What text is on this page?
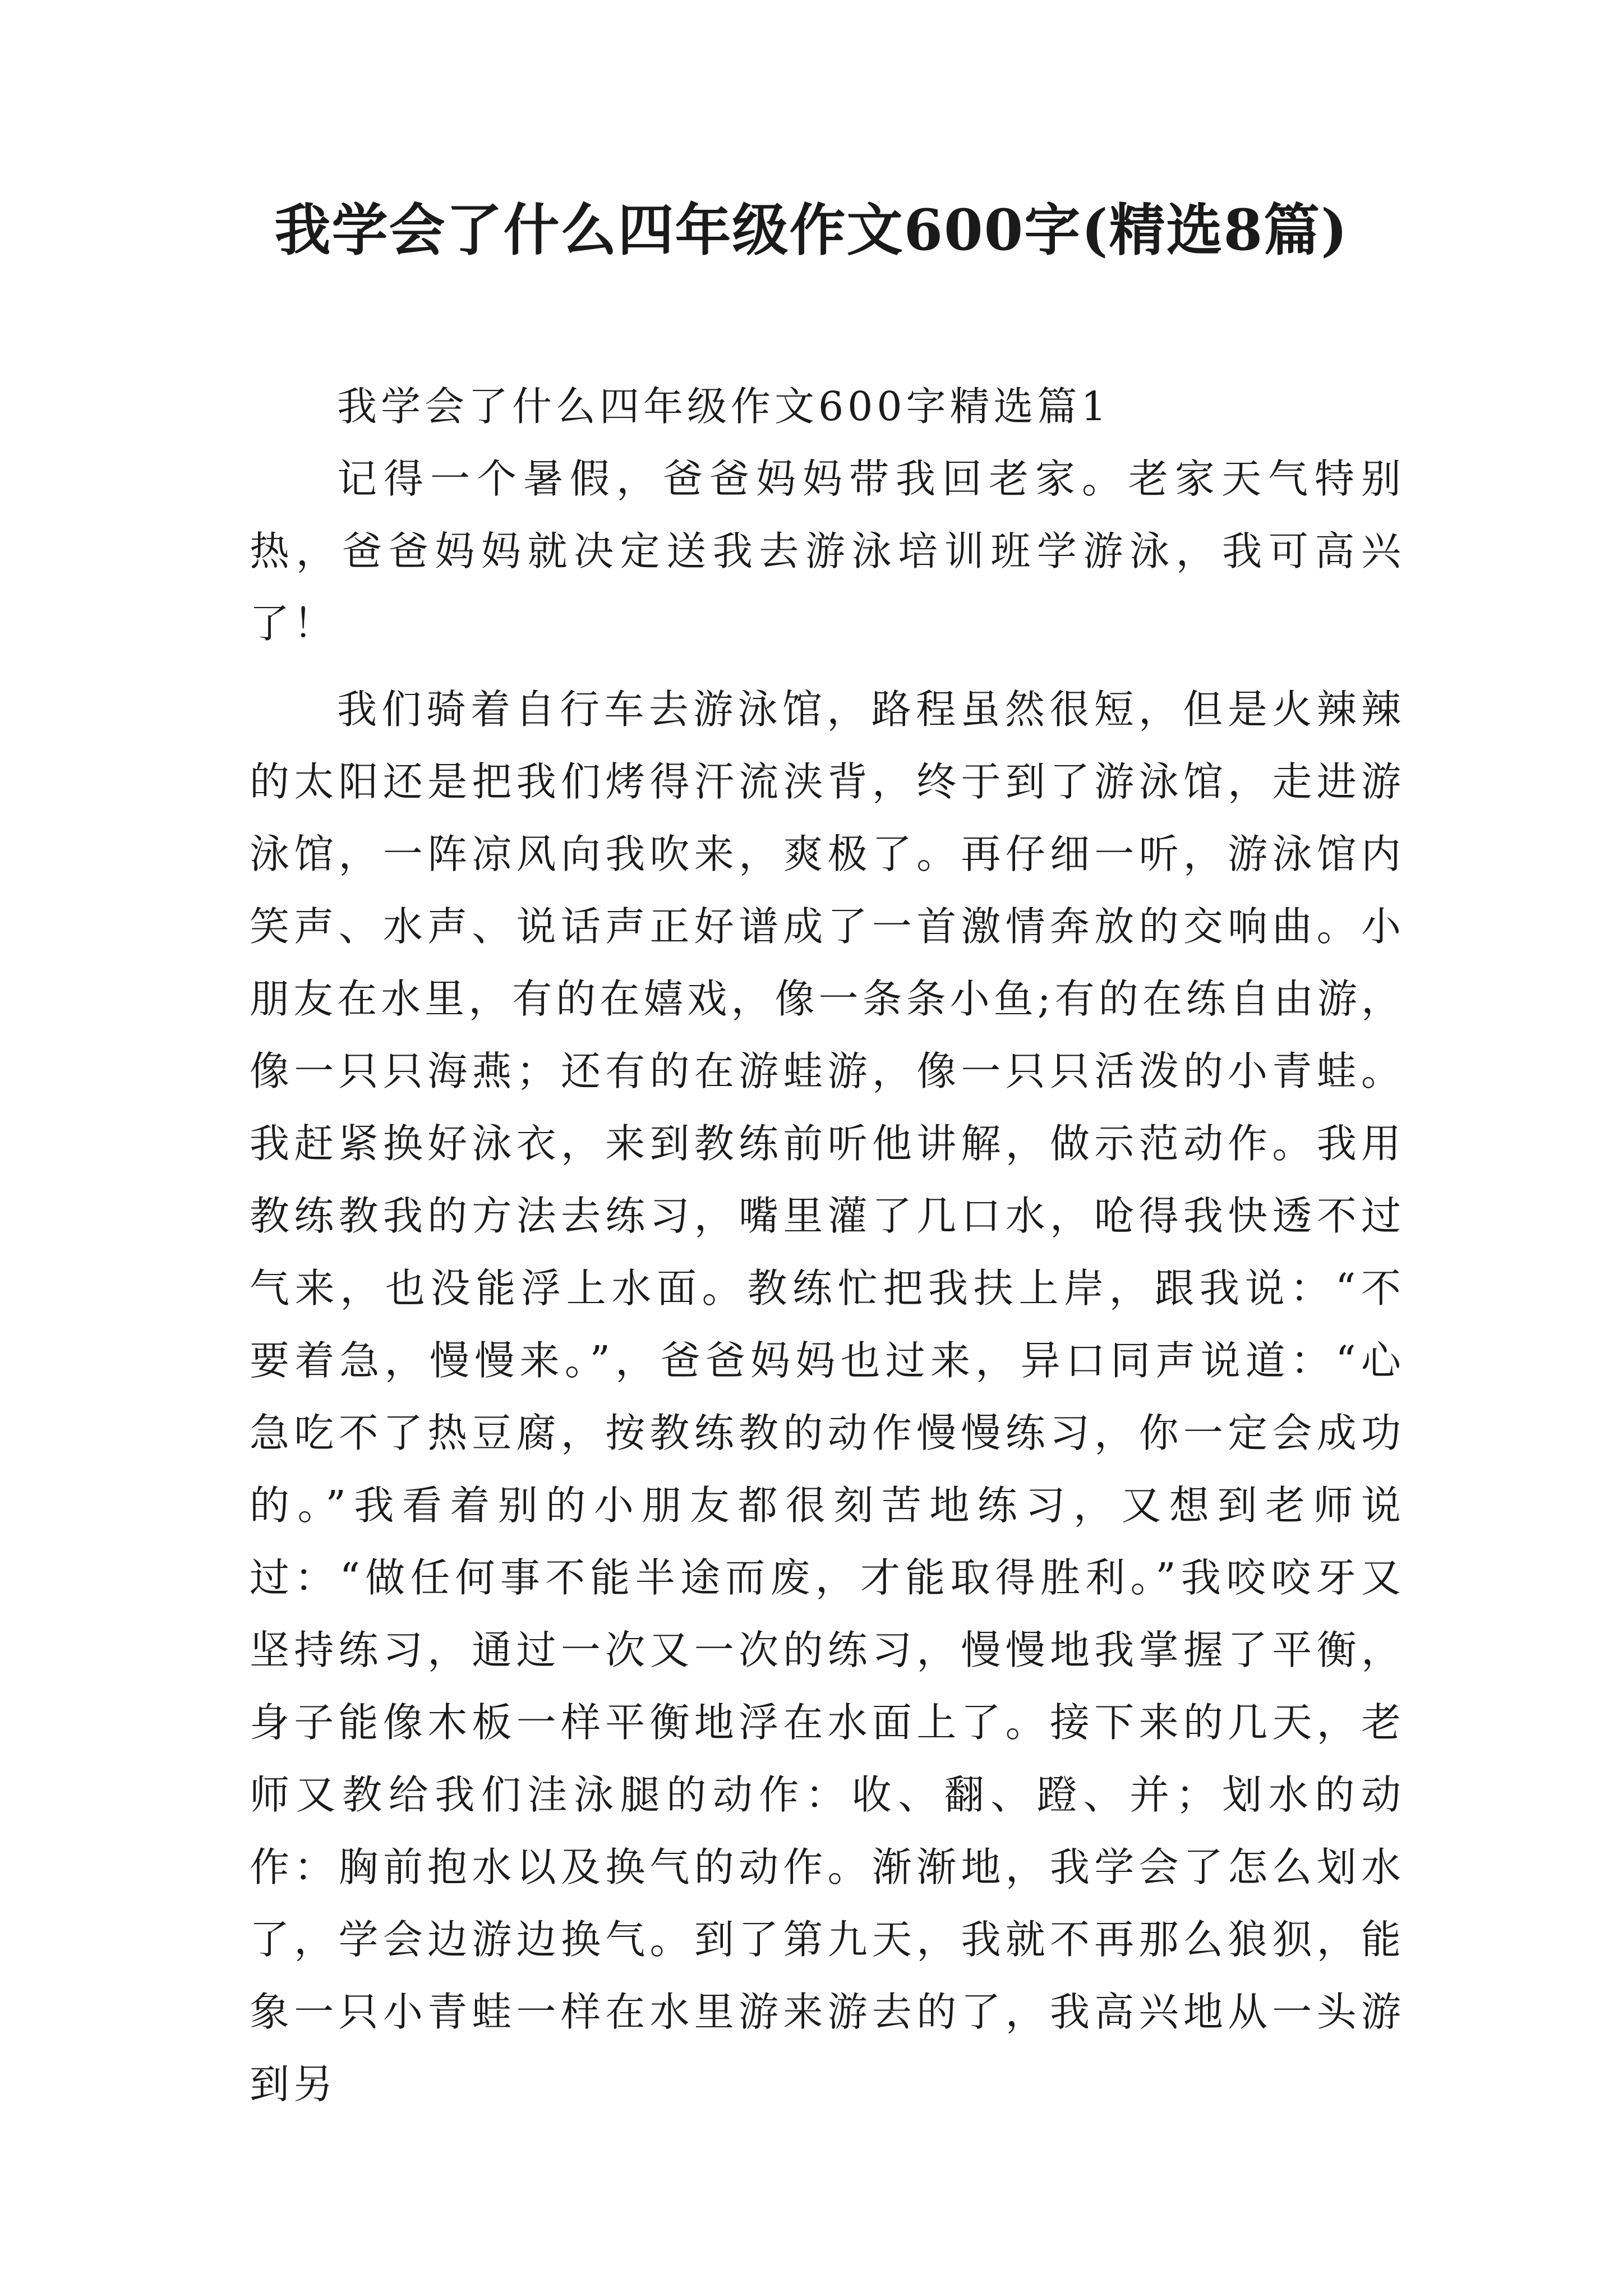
我学会了什么四年级作文600字(精选8篇)

我学会了什么四年级作文600字精选篇1

记得一个暑假，爸爸妈妈带我回老家。老家天气特别热，爸爸妈妈就决定送我去游泳培训班学游泳，我可高兴了！

我们骑着自行车去游泳馆，路程虽然很短，但是火辣辣的太阳还是把我们烤得汗流浃背，终于到了游泳馆，走进游泳馆，一阵凉风向我吹来，爽极了。再仔细一听，游泳馆内笑声、水声、说话声正好谱成了一首激情奔放的交响曲。小朋友在水里，有的在嬉戏，像一条条小鱼;有的在练自由游，像一只只海燕；还有的在游蛙游，像一只只活泼的小青蛙。我赶紧换好泳衣，来到教练前听他讲解，做示范动作。我用教练教我的方法去练习，嘴里灌了几口水，呛得我快透不过气来，也没能浮上水面。教练忙把我扶上岸，跟我说：“不要着急，慢慢来。”，爸爸妈妈也过来，异口同声说道：“心急吃不了热豆腐，按教练教的动作慢慢练习，你一定会成功的。”我看着别的小朋友都很刻苦地练习，又想到老师说过：“做任何事不能半途而废，才能取得胜利。”我咬咬牙又坚持练习，通过一次又一次的练习，慢慢地我掌握了平衡，身子能像木板一样平衡地浮在水面上了。接下来的几天，老师又教给我们洼泳腿的动作：收、翻、蹬、并；划水的动作：胸前抱水以及换气的动作。渐渐地，我学会了怎么划水了，学会边游边换气。到了第九天，我就不再那么狼狈，能象一只小青蛙一样在水里游来游去的了，我高兴地从一头游到另
